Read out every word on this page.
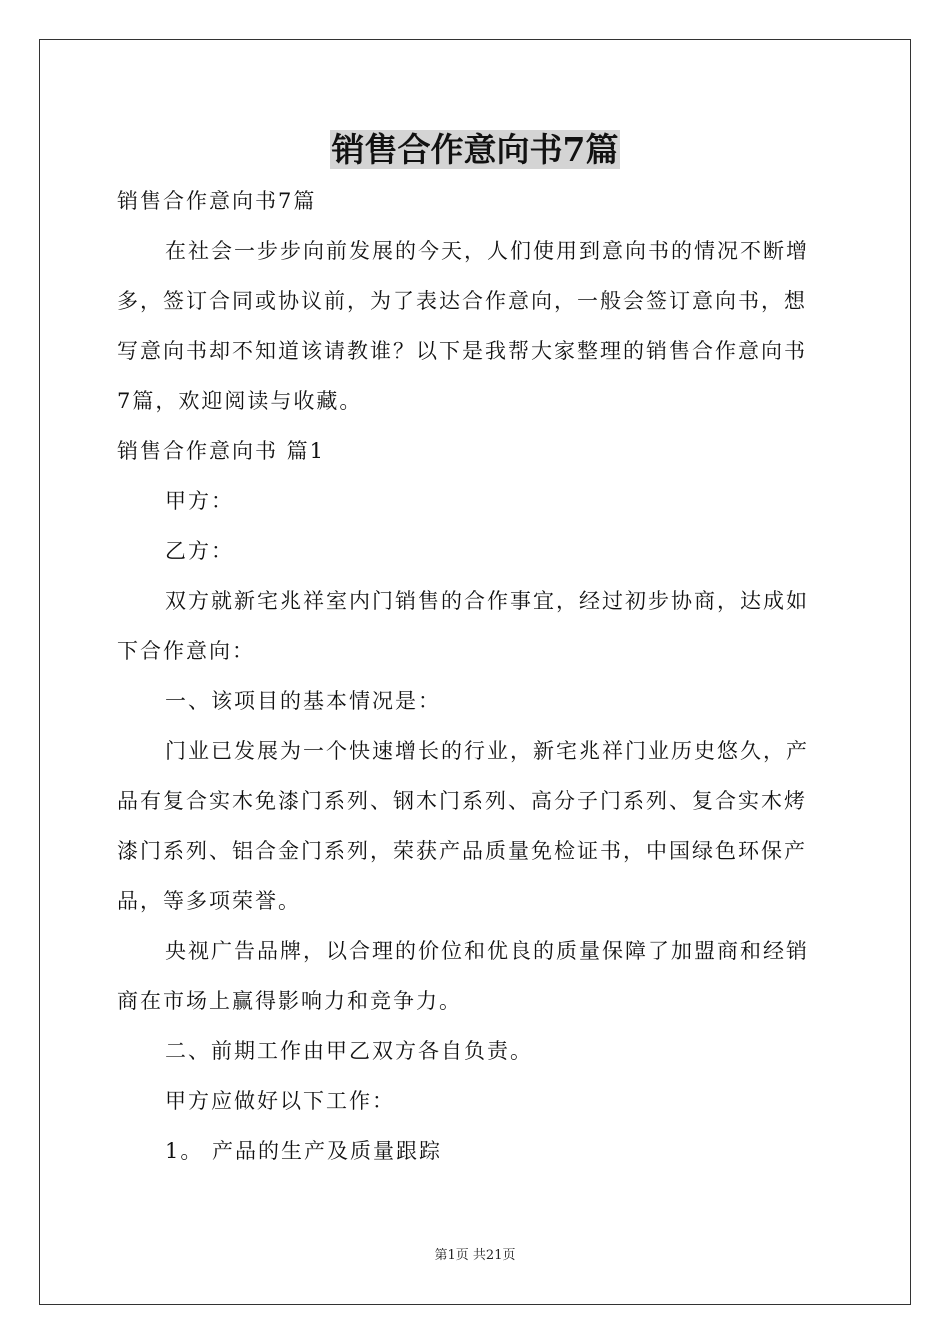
销售合作意向书7篇

销售合作意向书7篇

在社会一步步向前发展的今天，人们使用到意向书的情况不断增

多，签订合同或协议前，为了表达合作意向，一般会签订意向书，想

写意向书却不知道该请教谁？以下是我帮大家整理的销售合作意向书

7篇，欢迎阅读与收藏。

销售合作意向书 篇1

甲方：

乙方：

双方就新宅兆祥室内门销售的合作事宜，经过初步协商，达成如

下合作意向：

一、该项目的基本情况是：

门业已发展为一个快速增长的行业，新宅兆祥门业历史悠久，产

品有复合实木免漆门系列、钢木门系列、高分子门系列、复合实木烤

漆门系列、铝合金门系列，荣获产品质量免检证书，中国绿色环保产

品，等多项荣誉。

央视广告品牌，以合理的价位和优良的质量保障了加盟商和经销

商在市场上赢得影响力和竞争力。

二、前期工作由甲乙双方各自负责。

甲方应做好以下工作：

1。 产品的生产及质量跟踪

第1页 共21页
